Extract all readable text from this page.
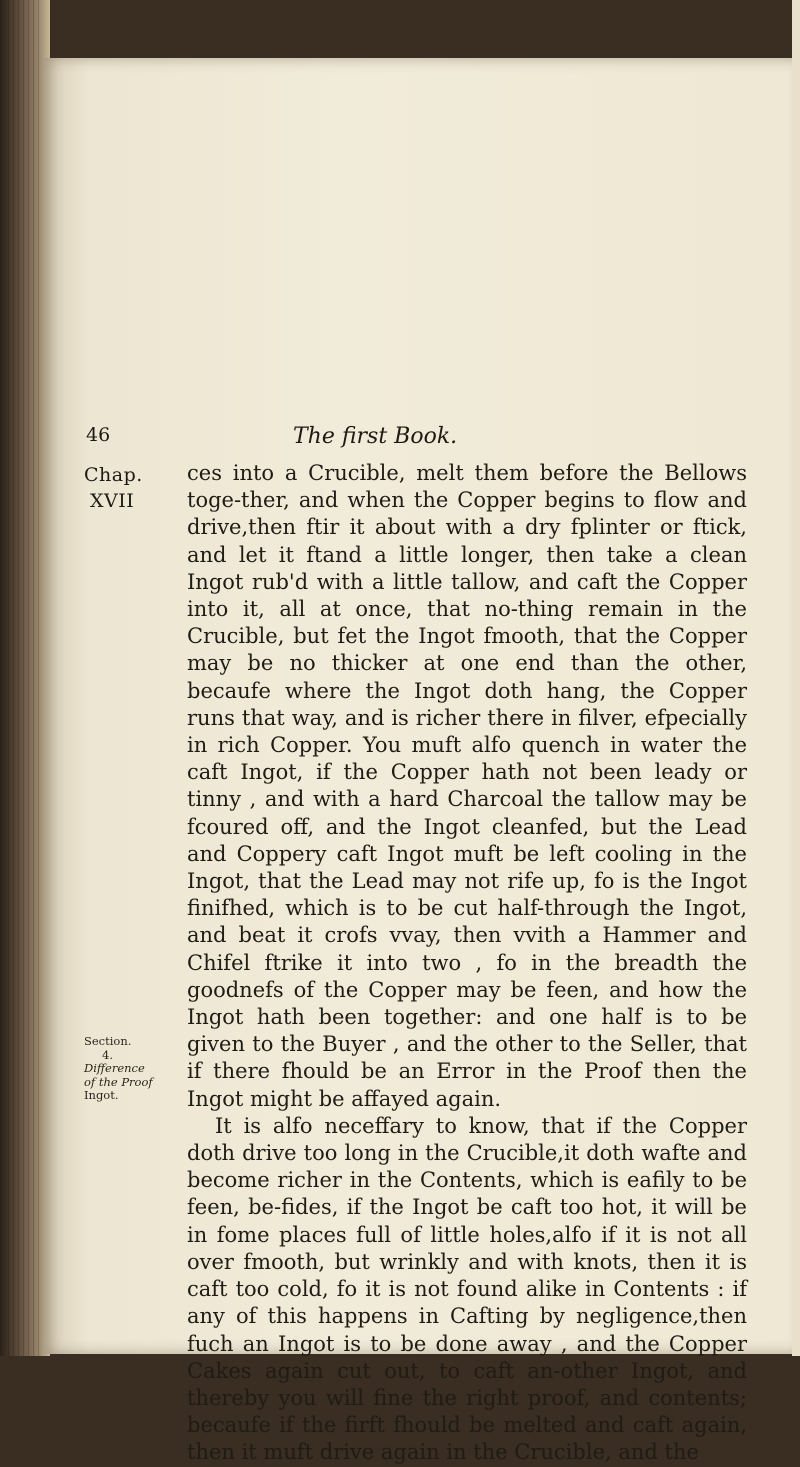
46	The first Book.
Chap.
XVII

ces into a Crucible, melt them before the Bellows toge-ther, and when the Copper begins to flow and drive,then ftir it about with a dry fplinter or ftick, and let it ftand a little longer, then take a clean Ingot rub'd with a little tallow, and caft the Copper into it, all at once, that no-thing remain in the Crucible, but fet the Ingot fmooth, that the Copper may be no thicker at one end than the other, becaufe where the Ingot doth hang, the Copper runs that way, and is richer there in filver, efpecially in rich Copper. You muft alfo quench in water the caft Ingot, if the Copper hath not been leady or tinny , and with a hard Charcoal the tallow may be fcoured off, and the Ingot cleanfed, but the Lead and Coppery caft Ingot muft be left cooling in the Ingot, that the Lead may not rife up, fo is the Ingot finifhed, which is to be cut half-through the Ingot, and beat it crofs vvay, then vvith a Hammer and Chifel ftrike it into two , fo in the breadth the goodnefs of the Copper may be feen, and how the Ingot hath been together: and one half is to be given to the Buyer , and the other to the Seller, that if there fhould be an Error in the Proof then the Ingot might be affayed again.

It is alfo neceffary to know, that if the Copper doth drive too long in the Crucible,it doth wafte and become richer in the Contents, which is eafily to be feen, be-fides, if the Ingot be caft too hot, it will be in fome places full of little holes,alfo if it is not all over fmooth, but wrinkly and with knots, then it is caft too cold, fo it is not found alike in Contents : if any of this happens in Cafting by negligence,then fuch an Ingot is to be done away , and the Copper Cakes again cut out, to caft an-other Ingot, and thereby you will fine the right proof, and contents; becaufe if the firft fhould be melted and caft again, then it muft drive again in the Crucible, and the

Section.
4.
Difference
of the Proof
Ingot.
